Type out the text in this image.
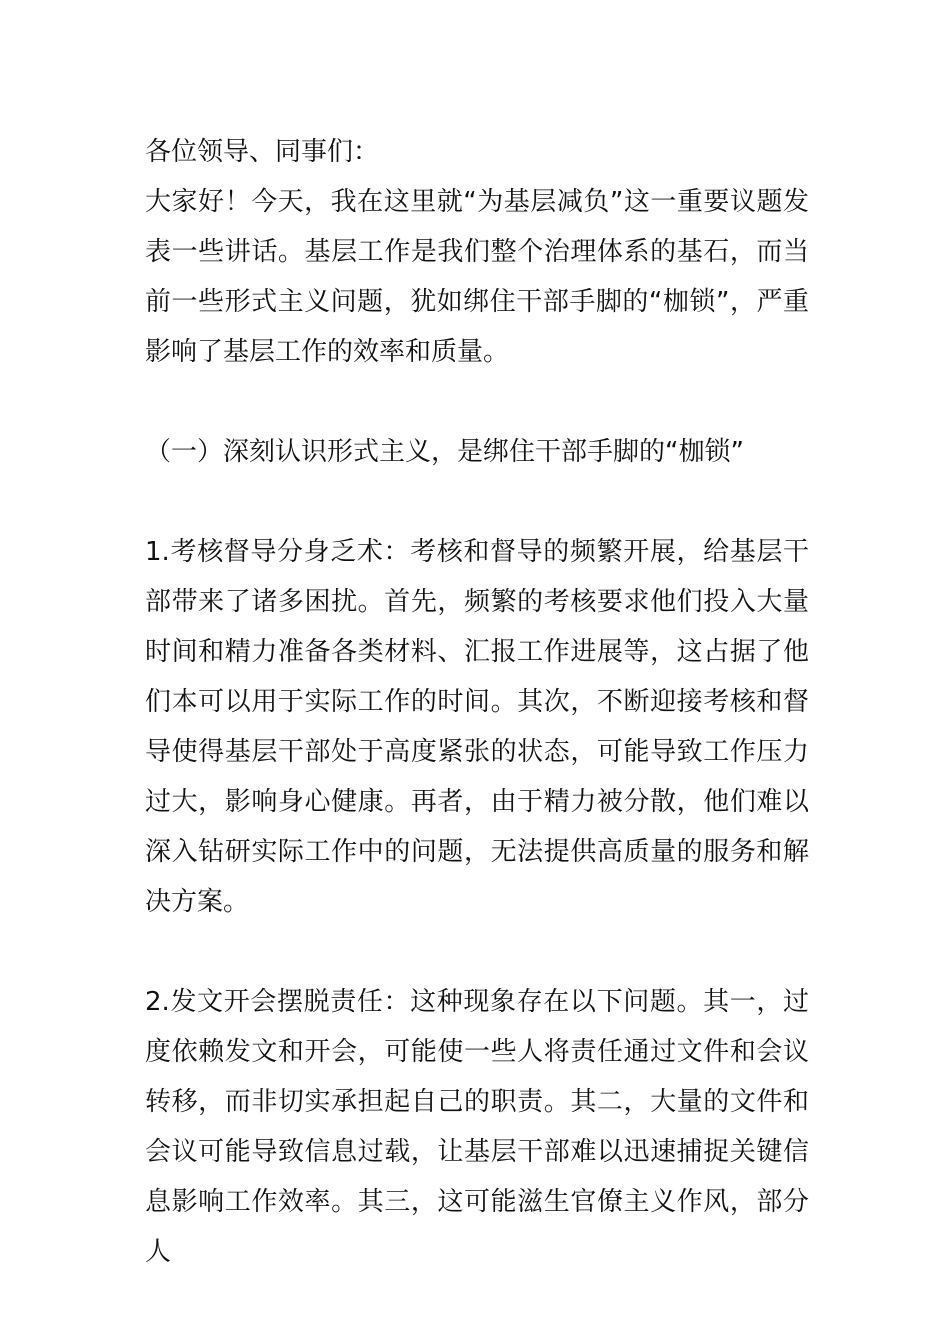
各位领导、同事们：

大家好！今天，我在这里就“为基层减负”这一重要议题发表一些讲话。基层工作是我们整个治理体系的基石，而当前一些形式主义问题，犹如绑住干部手脚的“枷锁”，严重影响了基层工作的效率和质量。

（一）深刻认识形式主义，是绑住干部手脚的“枷锁”

1.考核督导分身乏术：考核和督导的频繁开展，给基层干部带来了诸多困扰。首先，频繁的考核要求他们投入大量时间和精力准备各类材料、汇报工作进展等，这占据了他们本可以用于实际工作的时间。其次，不断迎接考核和督导使得基层干部处于高度紧张的状态，可能导致工作压力过大，影响身心健康。再者，由于精力被分散，他们难以深入钻研实际工作中的问题，无法提供高质量的服务和解决方案。

2.发文开会摆脱责任：这种现象存在以下问题。其一，过度依赖发文和开会，可能使一些人将责任通过文件和会议转移，而非切实承担起自己的职责。其二，大量的文件和会议可能导致信息过载，让基层干部难以迅速捕捉关键信息影响工作效率。其三，这可能滋生官僚主义作风，部分人
